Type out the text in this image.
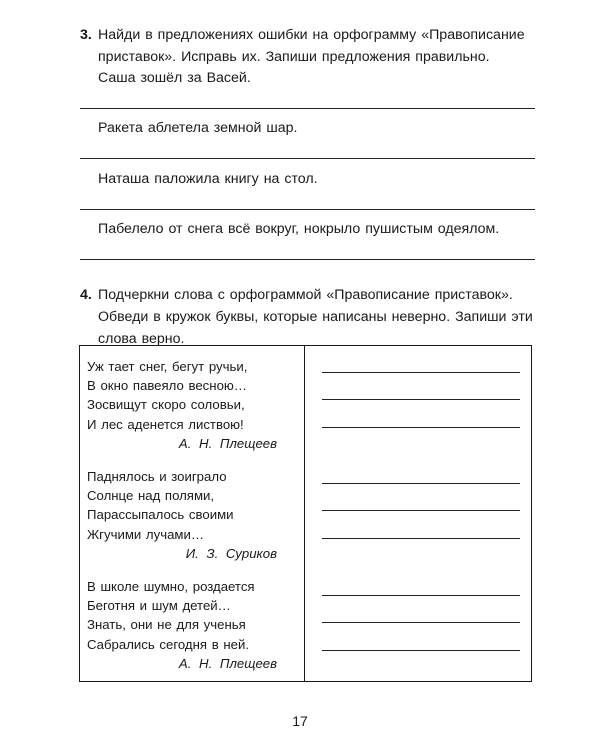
3. Найди в предложениях ошибки на орфограмму «Правописание приставок». Исправь их. Запиши предложения правильно.
Саша зошёл за Васей.
Ракета аблетела земной шар.
Наташа паложила книгу на стол.
Пабелело от снега всё вокруг, нокрыло пушистым одеялом.
4. Подчеркни слова с орфограммой «Правописание приставок». Обведи в кружок буквы, которые написаны неверно. Запиши эти слова верно.
Уж тает снег, бегут ручьи,
В окно павеяло весною…
Зосвищут скоро соловьи,
И лес аденется листвою!
А. Н. Плещеев
Паднялось и зоиграло
Солнце над полями,
Парассыпалось своими
Жгучими лучами…
И. З. Суриков
В школе шумно, роздается
Беготня и шум детей…
Знать, они не для ученья
Сабрались сегодня в ней.
А. Н. Плещеев
17
